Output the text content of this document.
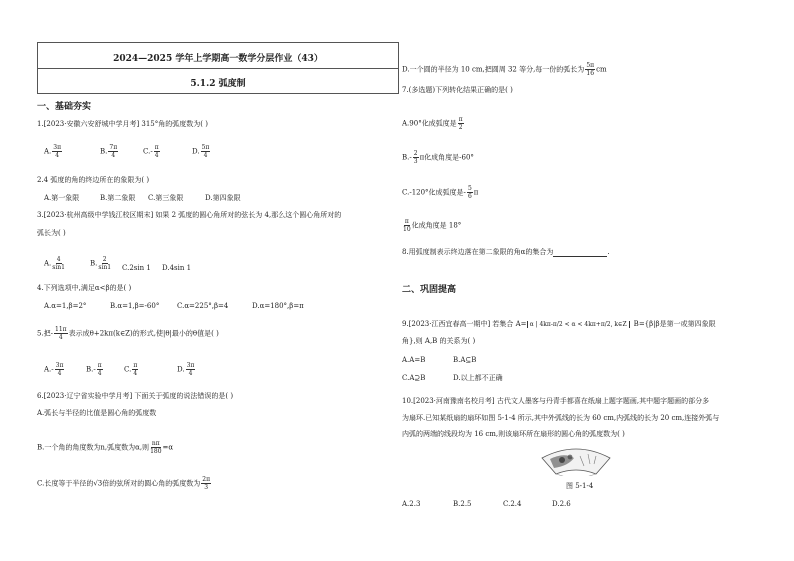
2024—2025 学年上学期高一数学分层作业（43）
5.1.2 弧度制
一、基础夯实
1.[2023·安徽六安舒城中学月考] 315°角的弧度数为( )
A. $\frac{3\pi}{4}$	B. $\frac{7\pi}{4}$	$C.- \frac{\pi}{4}$	D. $\frac{5\pi}{4}$
2.4 弧度的角的终边所在的象限为( )
A.第一象限	B.第二象限 C.第三象限	D.第四象限
3.[2023·杭州高级中学钱江校区期末] 如果 2 弧度的圆心角所对的弦长为 4,那么这个圆心角所对的
弧长为( )
A. $\frac{4}{\sin 1}$	B. $\frac{2}{\sin 1} C.2\sin$ 1 D.4sin 1
4.下列选项中,满足α<β的是( )
A.α=1,β=2°	B.α=1,β=-60°	C.α=225°,β=4	D.α=180°,β=π
5.把- $\frac{11\pi}{4}$ 表示成θ+2kπ(k∈Z)的形式,使|θ|最小的θ值是( )
$A.- \frac{3\pi}{4}$	$B.- \frac{\pi}{4}$	C. $\frac{\pi}{4}$	D. $\frac{3\pi}{4}$
6.[2023·辽宁省实验中学月考] 下面关于弧度的说法错误的是( )
A.弧长与半径的比值是圆心角的弧度数
B.一个角的角度数为n,弧度数为α,则 $\frac{n\pi}{180} =\alpha$
C.长度等于半径的√3倍的弦所对的圆心角的弧度数为 $\frac{2\pi}{3}$
D.一个圆的半径为 10 cm,把圆周 32 等分,每一份的弧长为 $\frac{5\pi}{16}$ cm
7.(多选题)下列转化结果正确的是( )
A.90°化成弧度是 $\frac{\pi}{2}$
$B.- \frac{2}{3}$ π化成角度是-60°
C.-120°化成弧度是- $\frac{5}{6}$ π
$\frac{\pi}{10}$ 化成角度是 18°
8.用弧度制表示终边落在第二象限的角α的集合为	.
二、巩固提高
9.[2023·江西宜春高一期中] 若集合 A= α | 4kπ-π/2 < α < 4kπ+π/2, k∈Z B={β|β是第一或第四象限
角},则 A,B 的关系为( )
A.A=B	B.A⊆B
C.A⊇B	D.以上都不正确
10.[2023·河南豫南名校月考] 古代文人墨客与丹青手都喜在纸扇上题字题画,其中题字题画的部分多
为扇环.已知某纸扇的扇环如图 5-1-4 所示,其中外弧线的长为 60 cm,内弧线的长为 20 cm,连接外弧与
内弧的两端的线段均为 16 cm,则该扇环所在扇形的圆心角的弧度数为( )
图 5-1-4
A.2.3	B.2.5	C.2.4	D.2.6
